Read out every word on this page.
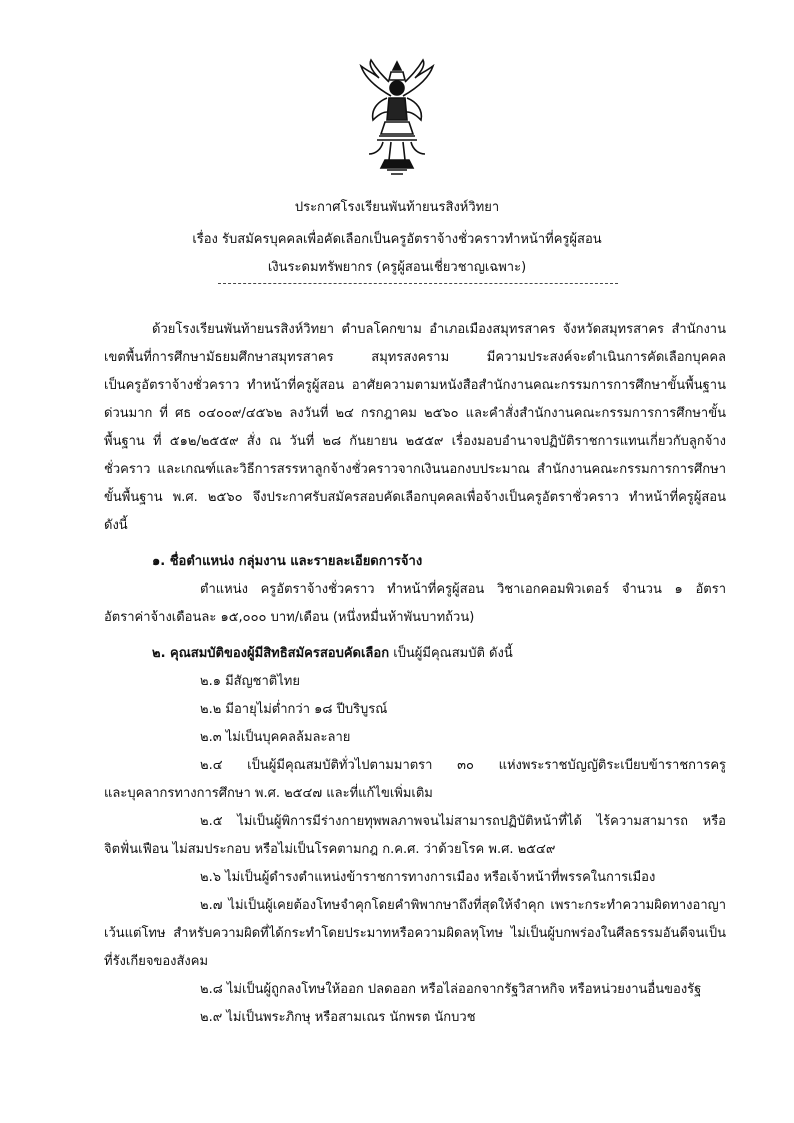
ประกาศโรงเรียนพันท้ายนรสิงห์วิทยา
เรื่อง รับสมัครบุคคลเพื่อคัดเลือกเป็นครูอัตราจ้างชั่วคราวทำหน้าที่ครูผู้สอน
เงินระดมทรัพยากร (ครูผู้สอนเชี่ยวชาญเฉพาะ)
ด้วยโรงเรียนพันท้ายนรสิงห์วิทยา ตำบลโคกขาม อำเภอเมืองสมุทรสาคร จังหวัดสมุทรสาคร สำนักงาน
เขตพื้นที่การศึกษามัธยมศึกษาสมุทรสาคร สมุทรสงคราม มีความประสงค์จะดำเนินการคัดเลือกบุคคล
เป็นครูอัตราจ้างชั่วคราว ทำหน้าที่ครูผู้สอน อาศัยความตามหนังสือสำนักงานคณะกรรมการการศึกษาขั้นพื้นฐาน
ด่วนมาก ที่ ศธ ๐๔๐๐๙/๔๕๖๒ ลงวันที่ ๒๔ กรกฎาคม ๒๕๖๐ และคำสั่งสำนักงานคณะกรรมการการศึกษาขั้น
พื้นฐาน ที่ ๕๑๒/๒๕๕๙ สั่ง ณ วันที่ ๒๘ กันยายน ๒๕๕๙ เรื่องมอบอำนาจปฏิบัติราชการแทนเกี่ยวกับลูกจ้าง
ชั่วคราว และเกณฑ์และวิธีการสรรหาลูกจ้างชั่วคราวจากเงินนอกงบประมาณ สำนักงานคณะกรรมการการศึกษา
ขั้นพื้นฐาน พ.ศ. ๒๕๖๐ จึงประกาศรับสมัครสอบคัดเลือกบุคคลเพื่อจ้างเป็นครูอัตราชั่วคราว ทำหน้าที่ครูผู้สอน
ดังนี้
๑. ชื่อตำแหน่ง กลุ่มงาน และรายละเอียดการจ้าง
ตำแหน่ง ครูอัตราจ้างชั่วคราว ทำหน้าที่ครูผู้สอน วิชาเอกคอมพิวเตอร์ จำนวน ๑ อัตรา
อัตราค่าจ้างเดือนละ ๑๕,๐๐๐ บาท/เดือน (หนึ่งหมื่นห้าพันบาทถ้วน)
๒. คุณสมบัติของผู้มีสิทธิสมัครสอบคัดเลือก เป็นผู้มีคุณสมบัติ ดังนี้
๒.๑ มีสัญชาติไทย
๒.๒ มีอายุไม่ต่ำกว่า ๑๘ ปีบริบูรณ์
๒.๓ ไม่เป็นบุคคลล้มละลาย
๒.๔ เป็นผู้มีคุณสมบัติทั่วไปตามมาตรา ๓๐ แห่งพระราชบัญญัติระเบียบข้าราชการครู
และบุคลากรทางการศึกษา พ.ศ. ๒๕๔๗ และที่แก้ไขเพิ่มเติม
๒.๕ ไม่เป็นผู้พิการมีร่างกายทุพพลภาพจนไม่สามารถปฏิบัติหน้าที่ได้ ไร้ความสามารถ หรือ
จิตฟั่นเฟือน ไม่สมประกอบ หรือไม่เป็นโรคตามกฎ ก.ค.ศ. ว่าด้วยโรค พ.ศ. ๒๕๔๙
๒.๖ ไม่เป็นผู้ดำรงตำแหน่งข้าราชการทางการเมือง หรือเจ้าหน้าที่พรรคในการเมือง
๒.๗ ไม่เป็นผู้เคยต้องโทษจำคุกโดยคำพิพากษาถึงที่สุดให้จำคุก เพราะกระทำความผิดทางอาญา
เว้นแต่โทษ สำหรับความผิดที่ได้กระทำโดยประมาทหรือความผิดลหุโทษ ไม่เป็นผู้บกพร่องในศีลธรรมอันดีจนเป็น
ที่รังเกียจของสังคม
๒.๘ ไม่เป็นผู้ถูกลงโทษให้ออก ปลดออก หรือไล่ออกจากรัฐวิสาหกิจ หรือหน่วยงานอื่นของรัฐ
๒.๙ ไม่เป็นพระภิกษุ หรือสามเณร นักพรต นักบวช
